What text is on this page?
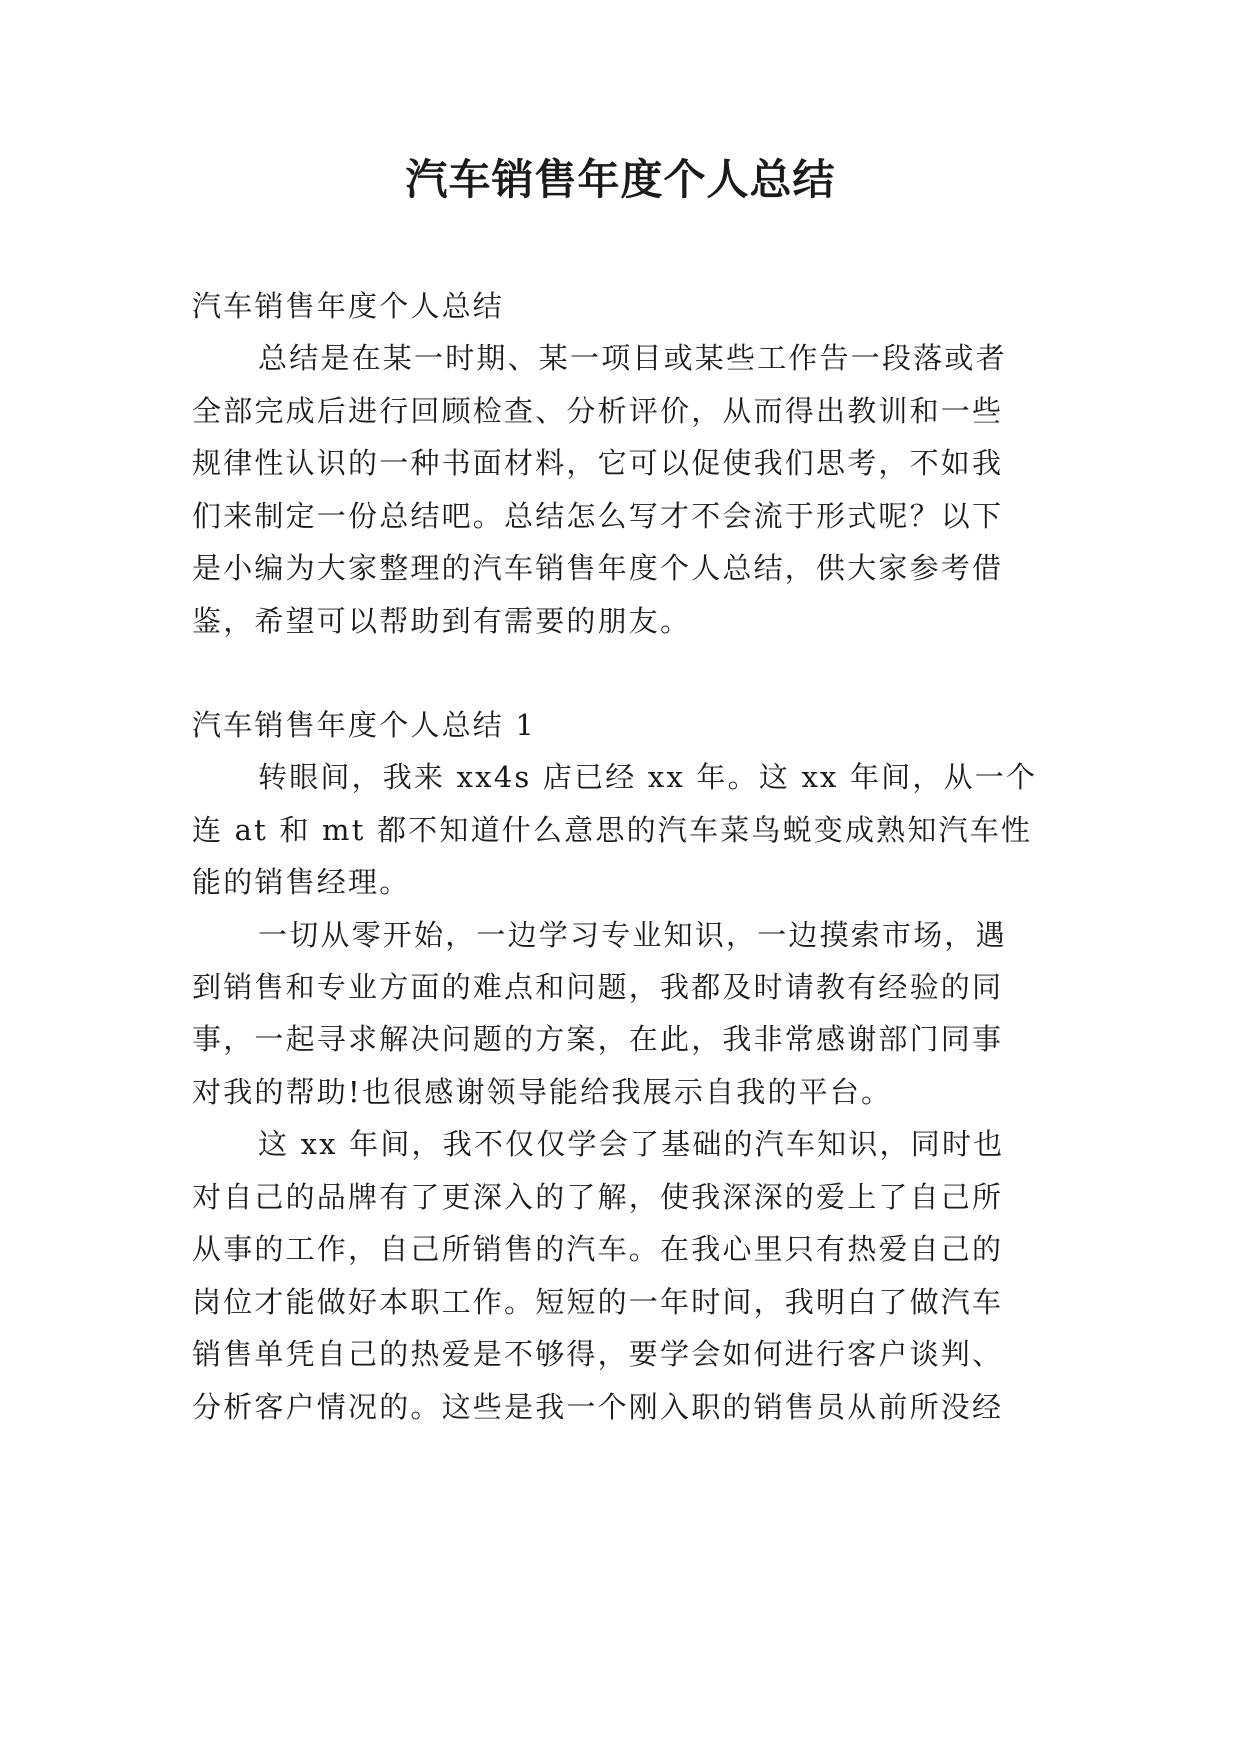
汽车销售年度个人总结

汽车销售年度个人总结

总结是在某一时期、某一项目或某些工作告一段落或者

全部完成后进行回顾检查、分析评价，从而得出教训和一些

规律性认识的一种书面材料，它可以促使我们思考，不如我

们来制定一份总结吧。总结怎么写才不会流于形式呢？以下

是小编为大家整理的汽车销售年度个人总结，供大家参考借

鉴，希望可以帮助到有需要的朋友。

汽车销售年度个人总结 1

转眼间，我来 xx4s 店已经 xx 年。这 xx 年间，从一个

连 at 和 mt 都不知道什么意思的汽车菜鸟蜕变成熟知汽车性

能的销售经理。

一切从零开始，一边学习专业知识，一边摸索市场，遇

到销售和专业方面的难点和问题，我都及时请教有经验的同

事，一起寻求解决问题的方案，在此，我非常感谢部门同事

对我的帮助!也很感谢领导能给我展示自我的平台。

这 xx 年间，我不仅仅学会了基础的汽车知识，同时也

对自己的品牌有了更深入的了解，使我深深的爱上了自己所

从事的工作，自己所销售的汽车。在我心里只有热爱自己的

岗位才能做好本职工作。短短的一年时间，我明白了做汽车

销售单凭自己的热爱是不够得，要学会如何进行客户谈判、

分析客户情况的。这些是我一个刚入职的销售员从前所没经
